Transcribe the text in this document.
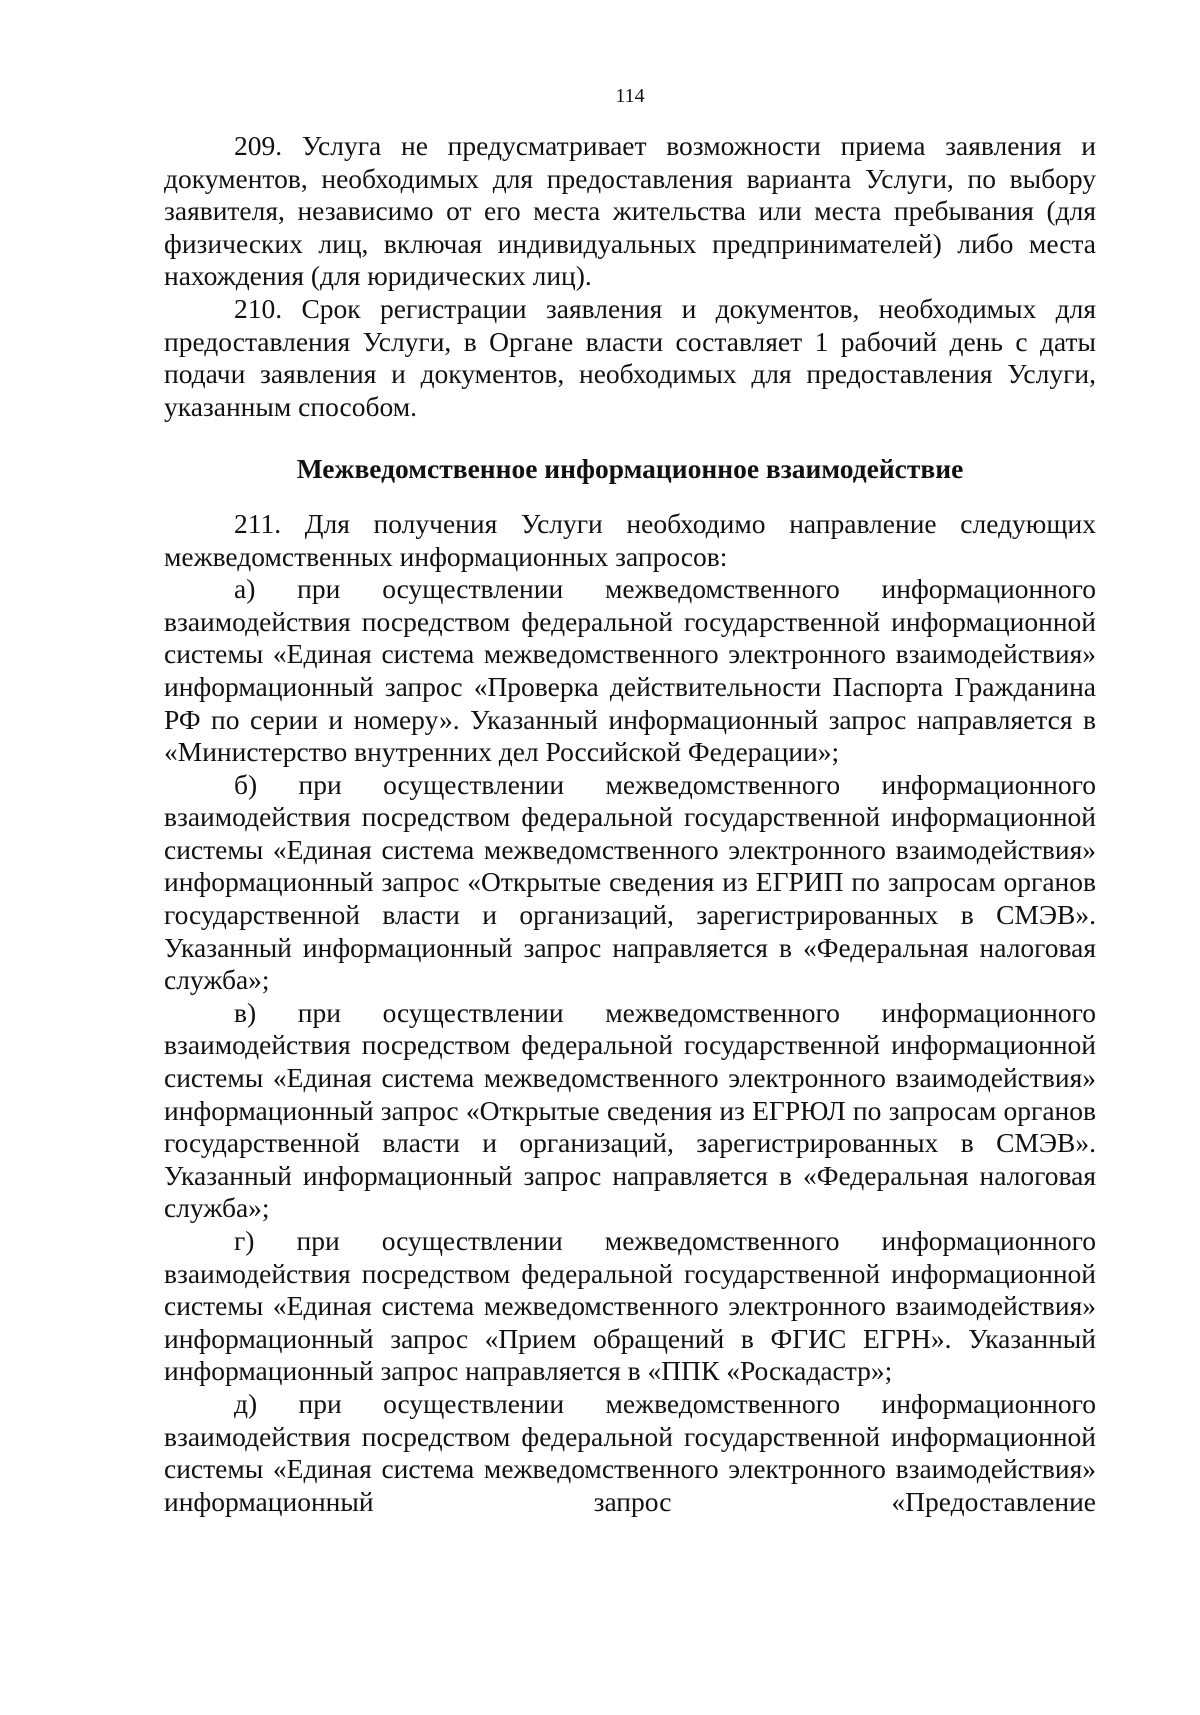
114

209. Услуга не предусматривает возможности приема заявления и документов, необходимых для предоставления варианта Услуги, по выбору заявителя, независимо от его места жительства или места пребывания (для физических лиц, включая индивидуальных предпринимателей) либо места нахождения (для юридических лиц).

210. Срок регистрации заявления и документов, необходимых для предоставления Услуги, в Органе власти составляет 1 рабочий день с даты подачи заявления и документов, необходимых для предоставления Услуги, указанным способом.

Межведомственное информационное взаимодействие

211. Для получения Услуги необходимо направление следующих межведомственных информационных запросов:

а) при осуществлении межведомственного информационного взаимодействия посредством федеральной государственной информационной системы «Единая система межведомственного электронного взаимодействия» информационный запрос «Проверка действительности Паспорта Гражданина РФ по серии и номеру». Указанный информационный запрос направляется в «Министерство внутренних дел Российской Федерации»;

б) при осуществлении межведомственного информационного взаимодействия посредством федеральной государственной информационной системы «Единая система межведомственного электронного взаимодействия» информационный запрос «Открытые сведения из ЕГРИП по запросам органов государственной власти и организаций, зарегистрированных в СМЭВ». Указанный информационный запрос направляется в «Федеральная налоговая служба»;

в) при осуществлении межведомственного информационного взаимодействия посредством федеральной государственной информационной системы «Единая система межведомственного электронного взаимодействия» информационный запрос «Открытые сведения из ЕГРЮЛ по запросам органов государственной власти и организаций, зарегистрированных в СМЭВ». Указанный информационный запрос направляется в «Федеральная налоговая служба»;

г) при осуществлении межведомственного информационного взаимодействия посредством федеральной государственной информационной системы «Единая система межведомственного электронного взаимодействия» информационный запрос «Прием обращений в ФГИС ЕГРН». Указанный информационный запрос направляется в «ППК «Роскадастр»;

д) при осуществлении межведомственного информационного взаимодействия посредством федеральной государственной информационной системы «Единая система межведомственного электронного взаимодействия» информационный запрос «Предоставление
